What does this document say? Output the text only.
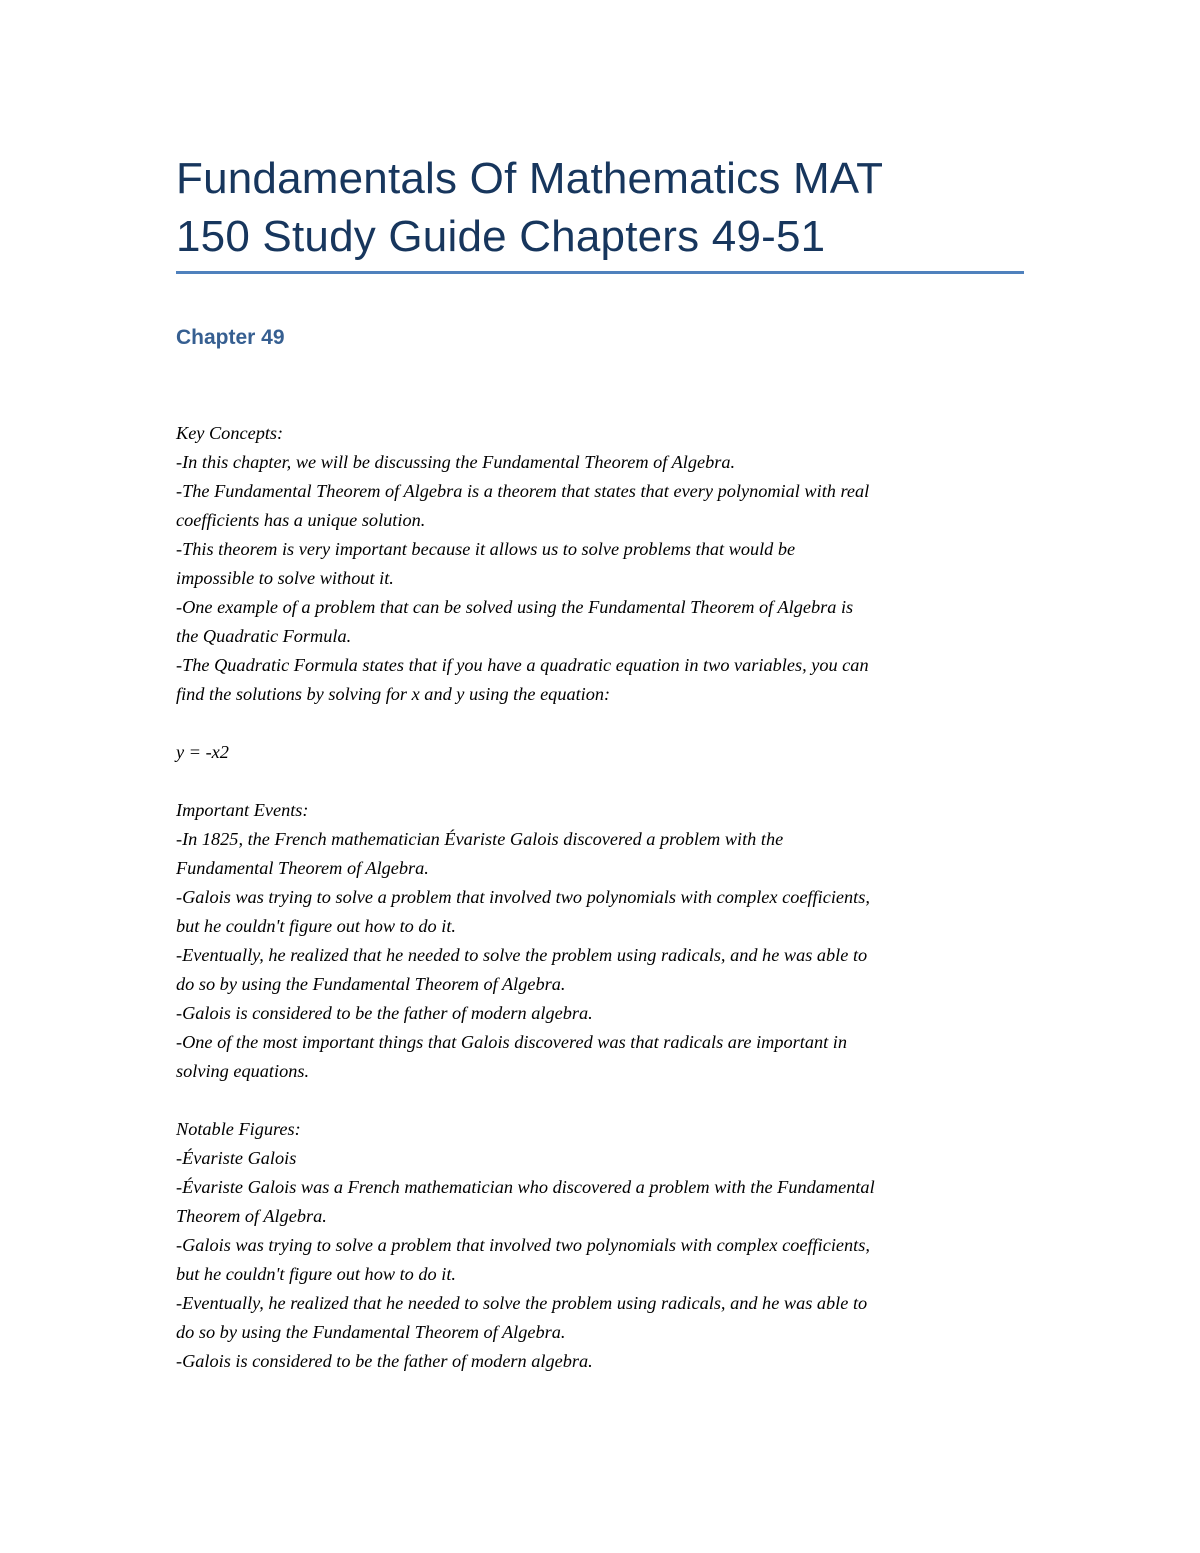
Fundamentals Of Mathematics MAT
150 Study Guide Chapters 49-51
Chapter 49
Key Concepts:
-In this chapter, we will be discussing the Fundamental Theorem of Algebra.
-The Fundamental Theorem of Algebra is a theorem that states that every polynomial with real
coefficients has a unique solution.
-This theorem is very important because it allows us to solve problems that would be
impossible to solve without it.
-One example of a problem that can be solved using the Fundamental Theorem of Algebra is
the Quadratic Formula.
-The Quadratic Formula states that if you have a quadratic equation in two variables, you can
find the solutions by solving for x and y using the equation:
y = -x2
Important Events:
-In 1825, the French mathematician Évariste Galois discovered a problem with the
Fundamental Theorem of Algebra.
-Galois was trying to solve a problem that involved two polynomials with complex coefficients,
but he couldn't figure out how to do it.
-Eventually, he realized that he needed to solve the problem using radicals, and he was able to
do so by using the Fundamental Theorem of Algebra.
-Galois is considered to be the father of modern algebra.
-One of the most important things that Galois discovered was that radicals are important in
solving equations.
Notable Figures:
-Évariste Galois
-Évariste Galois was a French mathematician who discovered a problem with the Fundamental
Theorem of Algebra.
-Galois was trying to solve a problem that involved two polynomials with complex coefficients,
but he couldn't figure out how to do it.
-Eventually, he realized that he needed to solve the problem using radicals, and he was able to
do so by using the Fundamental Theorem of Algebra.
-Galois is considered to be the father of modern algebra.
